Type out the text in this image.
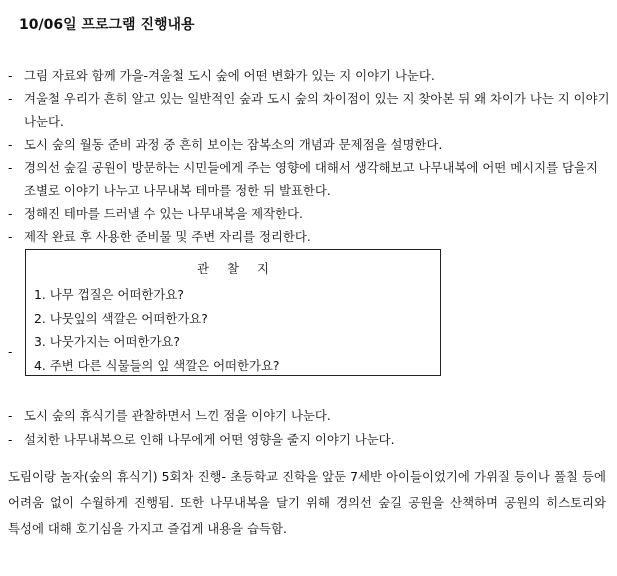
10/06일 프로그램 진행내용
- 그림 자료와 함께 가을-겨울철 도시 숲에 어떤 변화가 있는 지 이야기 나눈다.
- 겨울철 우리가 흔히 알고 있는 일반적인 숲과 도시 숲의 차이점이 있는 지 찾아본 뒤 왜 차이가 나는 지 이야기 나눈다.
- 도시 숲의 월동 준비 과정 중 흔히 보이는 잠복소의 개념과 문제점을 설명한다.
- 경의선 숲길 공원이 방문하는 시민들에게 주는 영향에 대해서 생각해보고 나무내복에 어떤 메시지를 담을지 조별로 이야기 나누고 나무내복 테마를 정한 뒤 발표한다.
- 정해진 테마를 드러낼 수 있는 나무내복을 제작한다.
- 제작 완료 후 사용한 준비물 및 주변 자리를 정리한다.
-
관찰지
1. 나무 껍질은 어떠한가요?
2. 나뭇잎의 색깔은 어떠한가요?
3. 나뭇가지는 어떠한가요?
4. 주변 다른 식물들의 잎 색깔은 어떠한가요?
- 도시 숲의 휴식기를 관찰하면서 느낀 점을 이야기 나눈다.
- 설치한 나무내복으로 인해 나무에게 어떤 영향을 줄지 이야기 나눈다.
도림이랑 놀자(숲의 휴식기) 5회차 진행- 초등학교 진학을 앞둔 7세반 아이들이었기에 가위질 등이나 풀칠 등에 어려움 없이 수월하게 진행됨. 또한 나무내복을 달기 위해 경의선 숲길 공원을 산책하며 공원의 히스토리와 특성에 대해 호기심을 가지고 즐겁게 내용을 습득함.
